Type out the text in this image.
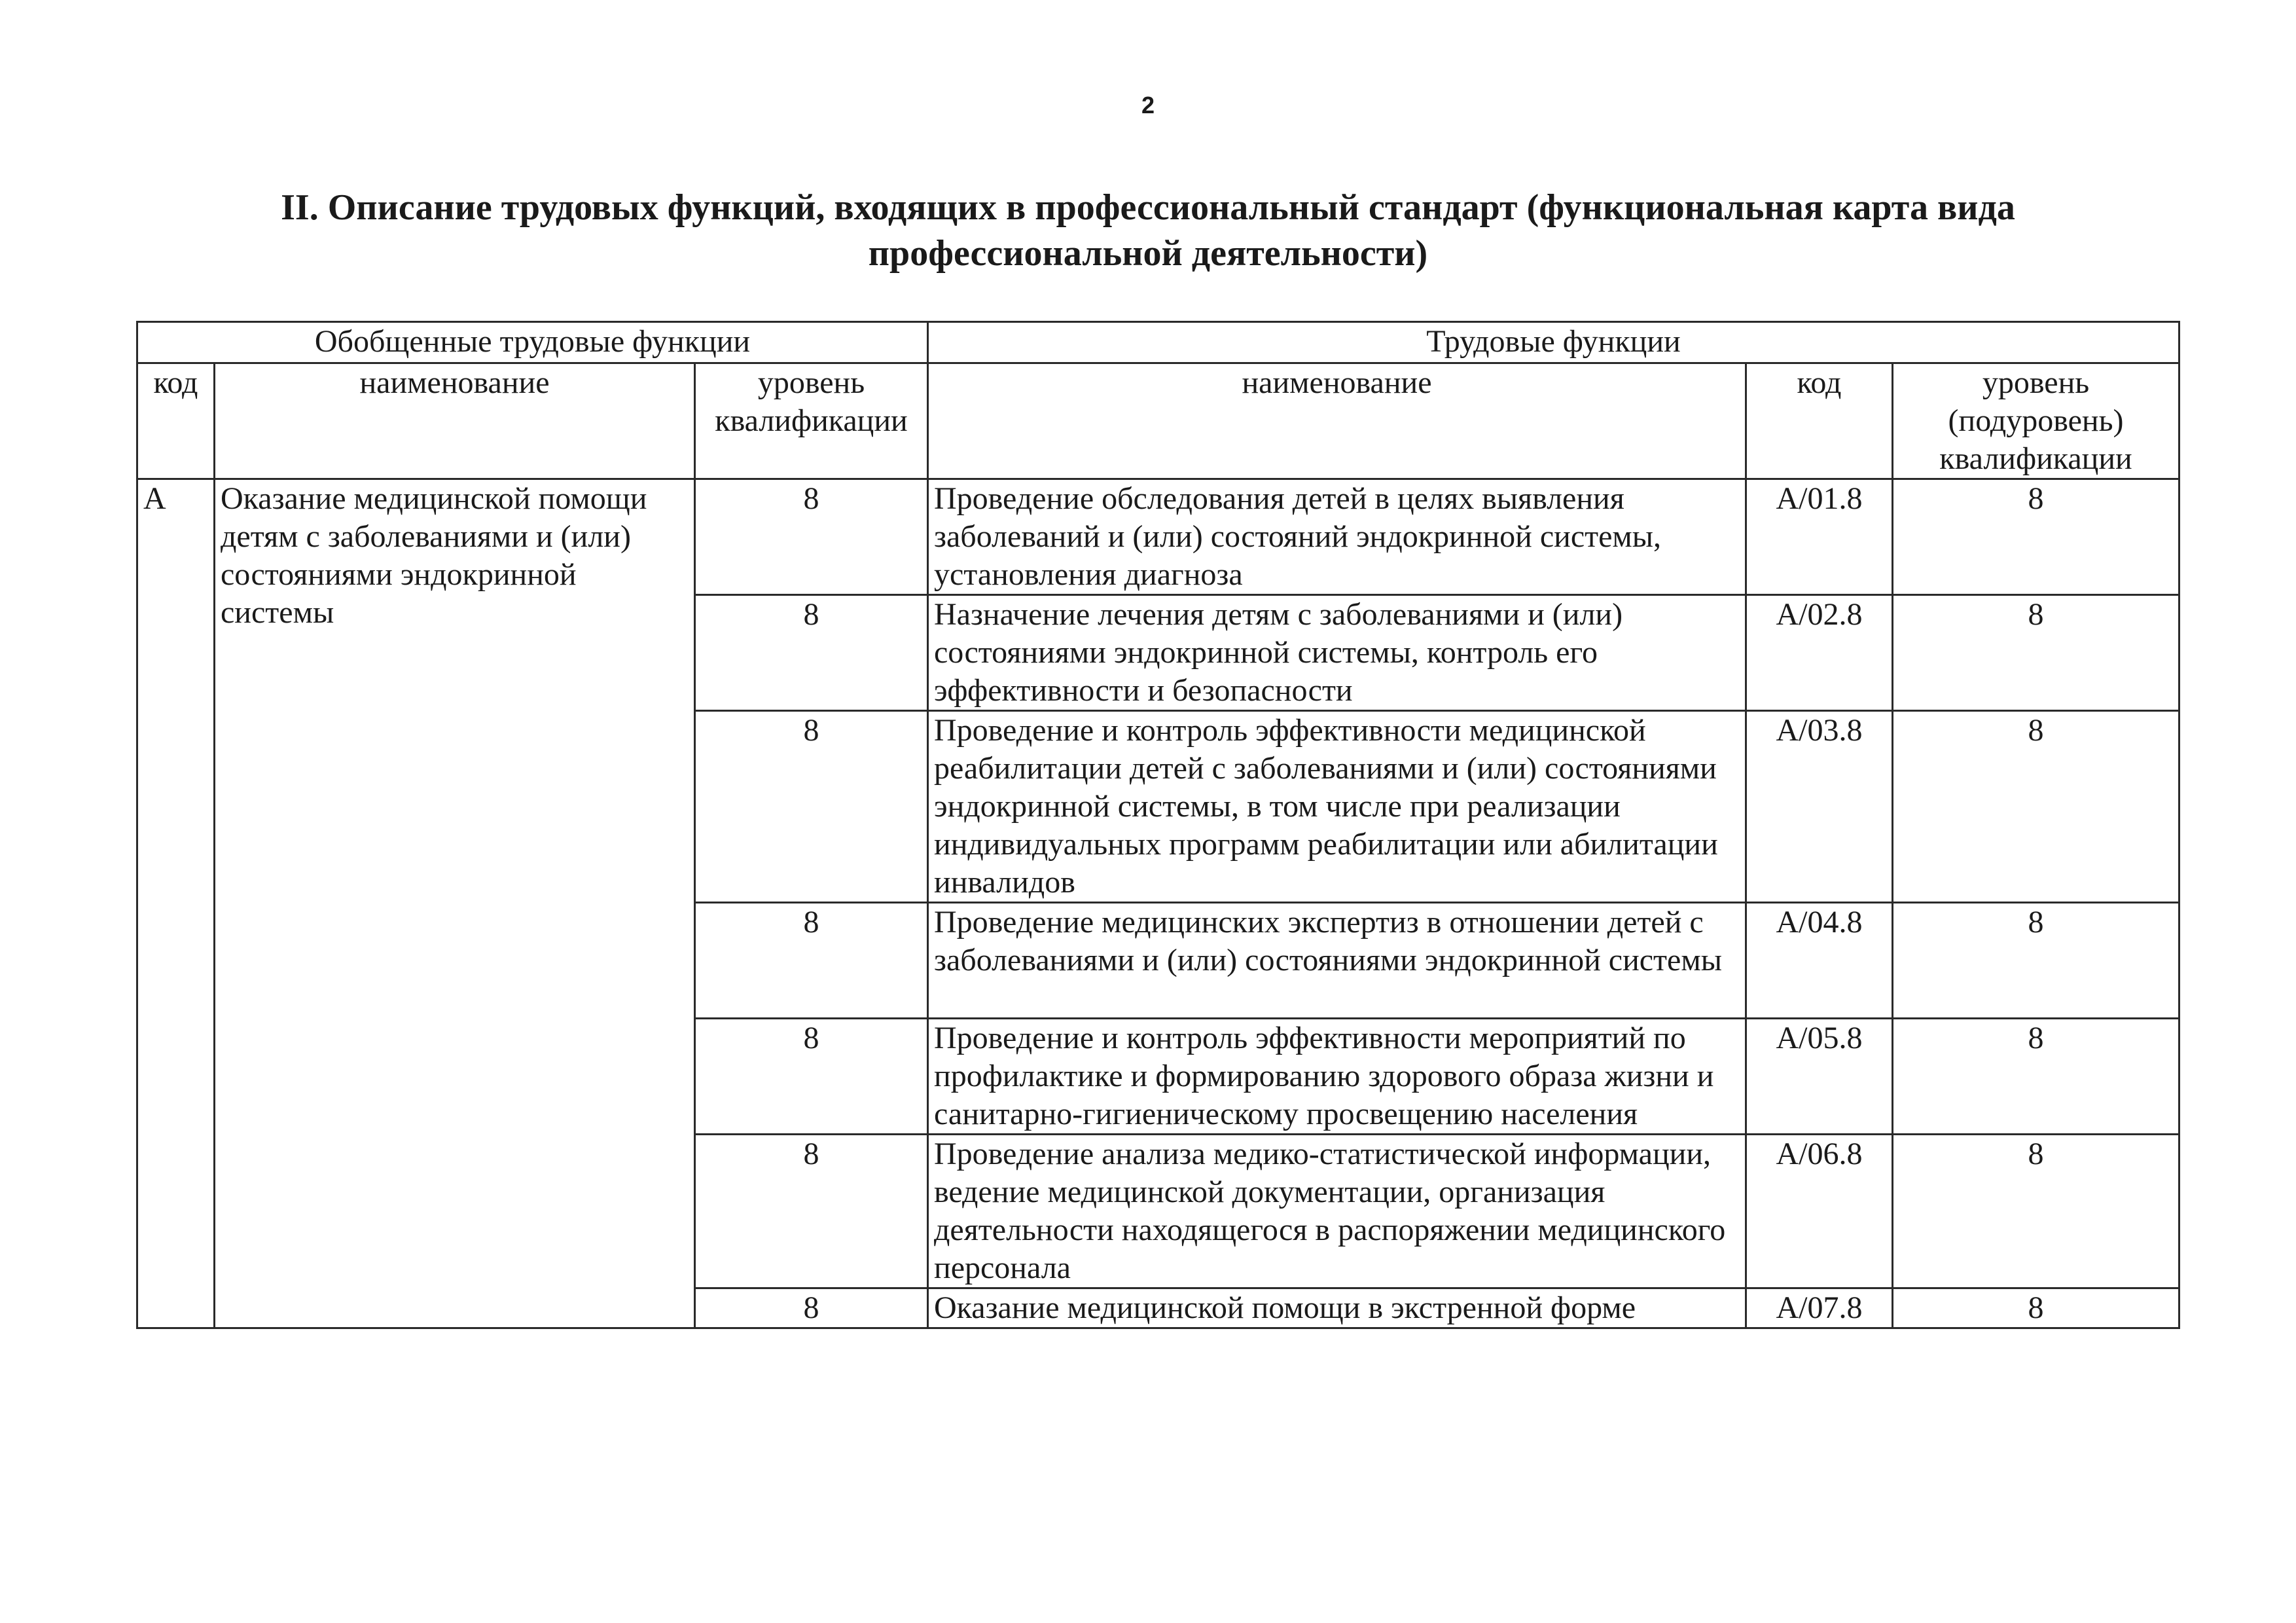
2
II. Описание трудовых функций, входящих в профессиональный стандарт (функциональная карта вида
профессиональной деятельности)
Обобщенные трудовые функции			Трудовые функции		
код	наименование	уровень квалификации	наименование	код	уровень (подуровень) квалификации
A	Оказание медицинской помощи детям с заболеваниями и (или) состояниями эндокринной системы	8	Проведение обследования детей в целях выявления заболеваний и (или) состояний эндокринной системы, установления диагноза	A/01.8	8
		8	Назначение лечения детям с заболеваниями и (или) состояниями эндокринной системы, контроль его эффективности и безопасности	A/02.8	8
		8	Проведение и контроль эффективности медицинской реабилитации детей с заболеваниями и (или) состояниями эндокринной системы, в том числе при реализации индивидуальных программ реабилитации или абилитации инвалидов	A/03.8	8
		8	Проведение медицинских экспертиз в отношении детей с заболеваниями и (или) состояниями эндокринной системы	A/04.8	8
		8	Проведение и контроль эффективности мероприятий по профилактике и формированию здорового образа жизни и санитарно-гигиеническому просвещению населения	A/05.8	8
		8	Проведение анализа медико-статистической информации, ведение медицинской документации, организация деятельности находящегося в распоряжении медицинского персонала	A/06.8	8
		8	Оказание медицинской помощи в экстренной форме	A/07.8	8
